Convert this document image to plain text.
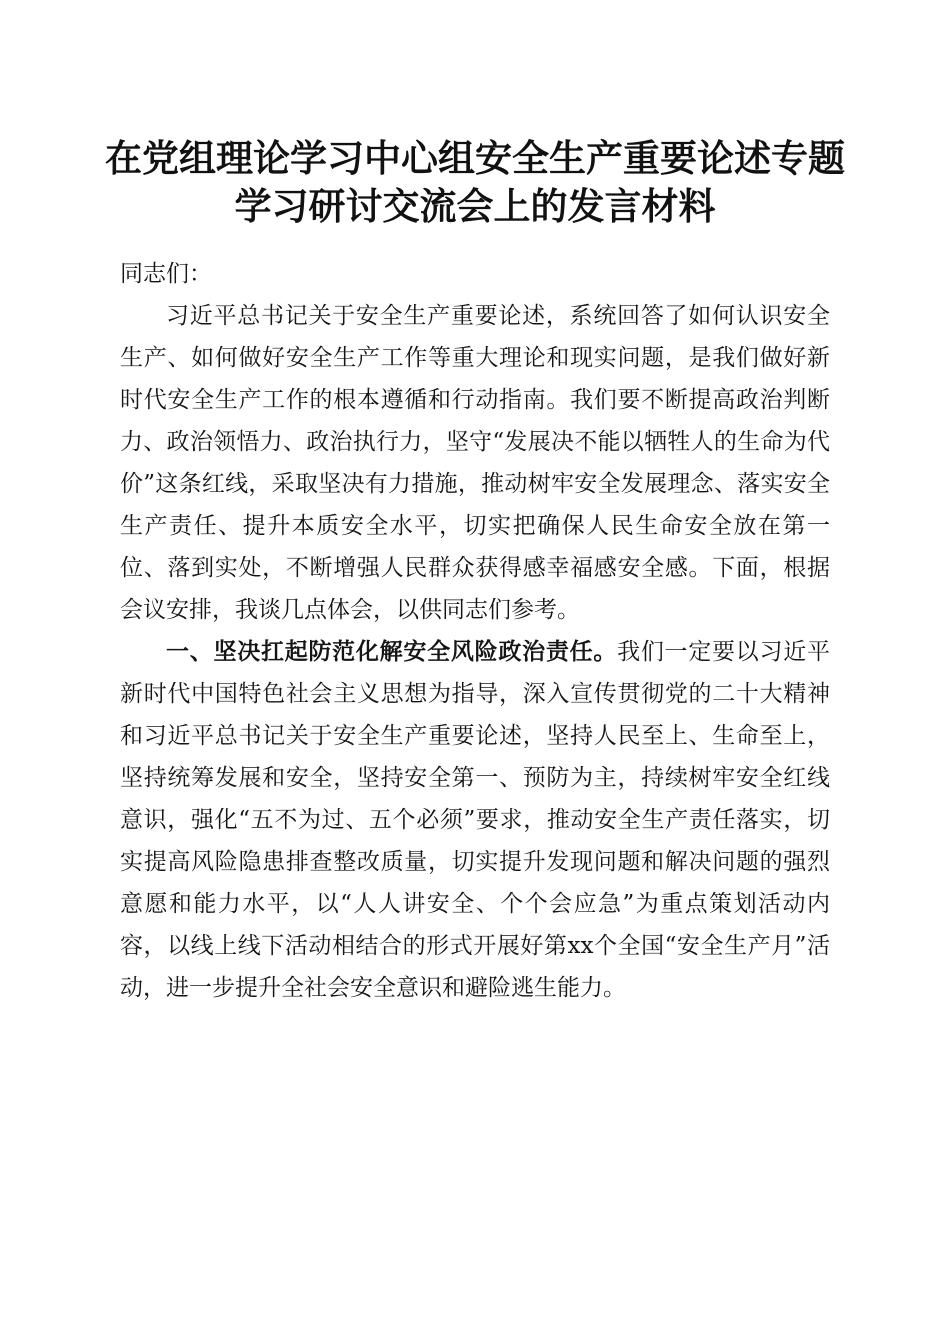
在党组理论学习中心组安全生产重要论述专题
学习研讨交流会上的发言材料

同志们：

习近平总书记关于安全生产重要论述，系统回答了如何认识安全生产、如何做好安全生产工作等重大理论和现实问题，是我们做好新时代安全生产工作的根本遵循和行动指南。我们要不断提高政治判断力、政治领悟力、政治执行力，坚守“发展决不能以牺牲人的生命为代价”这条红线，采取坚决有力措施，推动树牢安全发展理念、落实安全生产责任、提升本质安全水平，切实把确保人民生命安全放在第一位、落到实处，不断增强人民群众获得感幸福感安全感。下面，根据会议安排，我谈几点体会，以供同志们参考。

一、坚决扛起防范化解安全风险政治责任。我们一定要以习近平新时代中国特色社会主义思想为指导，深入宣传贯彻党的二十大精神和习近平总书记关于安全生产重要论述，坚持人民至上、生命至上，坚持统筹发展和安全，坚持安全第一、预防为主，持续树牢安全红线意识，强化“五不为过、五个必须”要求，推动安全生产责任落实，切实提高风险隐患排查整改质量，切实提升发现问题和解决问题的强烈意愿和能力水平，以“人人讲安全、个个会应急”为重点策划活动内容，以线上线下活动相结合的形式开展好第xx个全国“安全生产月”活动，进一步提升全社会安全意识和避险逃生能力。
